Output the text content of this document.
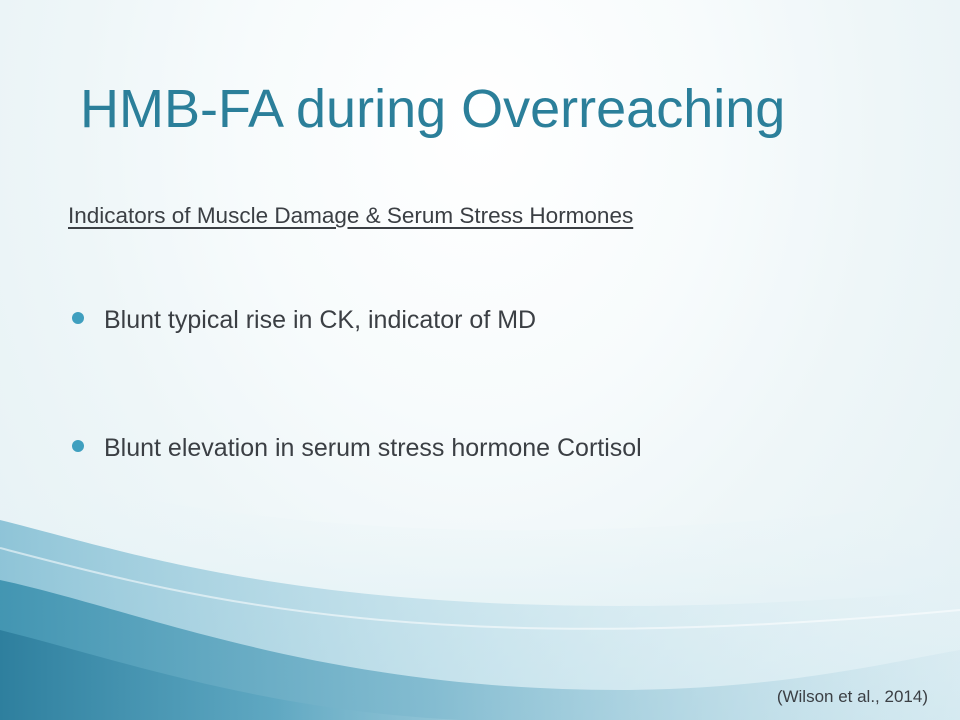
HMB-FA during Overreaching
Indicators of Muscle Damage & Serum Stress Hormones
Blunt typical rise in CK, indicator of MD
Blunt elevation in serum stress hormone Cortisol
(Wilson et al., 2014)
